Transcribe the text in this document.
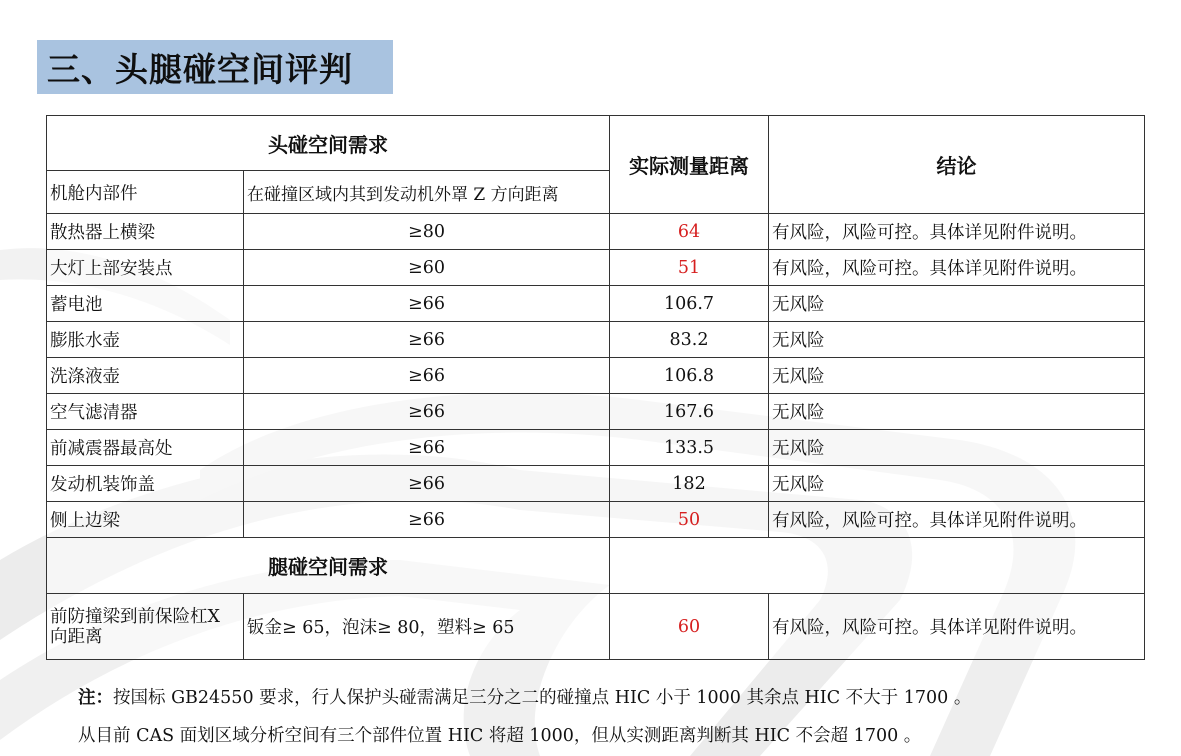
三、头腿碰空间评判
头碰空间需求		实际测量距离	结论
机舱内部件	在碰撞区域内其到发动机外罩 Z 方向距离		
散热器上横梁	≥80	64	有风险，风险可控。具体详见附件说明。
大灯上部安装点	≥60	51	有风险，风险可控。具体详见附件说明。
蓄电池	≥66	106.7	无风险
膨胀水壶	≥66	83.2	无风险
洗涤液壶	≥66	106.8	无风险
空气滤清器	≥66	167.6	无风险
前减震器最高处	≥66	133.5	无风险
发动机装饰盖	≥66	182	无风险
侧上边梁	≥66	50	有风险，风险可控。具体详见附件说明。
腿碰空间需求			
前防撞梁到前保险杠X 向距离	钣金≥ 65，泡沫≥ 80，塑料≥ 65	60	有风险，风险可控。具体详见附件说明。
注：按国标 GB24550 要求，行人保护头碰需满足三分之二的碰撞点 HIC 小于 1000 其余点 HIC 不大于 1700 。
从目前 CAS 面划区域分析空间有三个部件位置 HIC 将超 1000，但从实测距离判断其 HIC 不会超 1700 。
